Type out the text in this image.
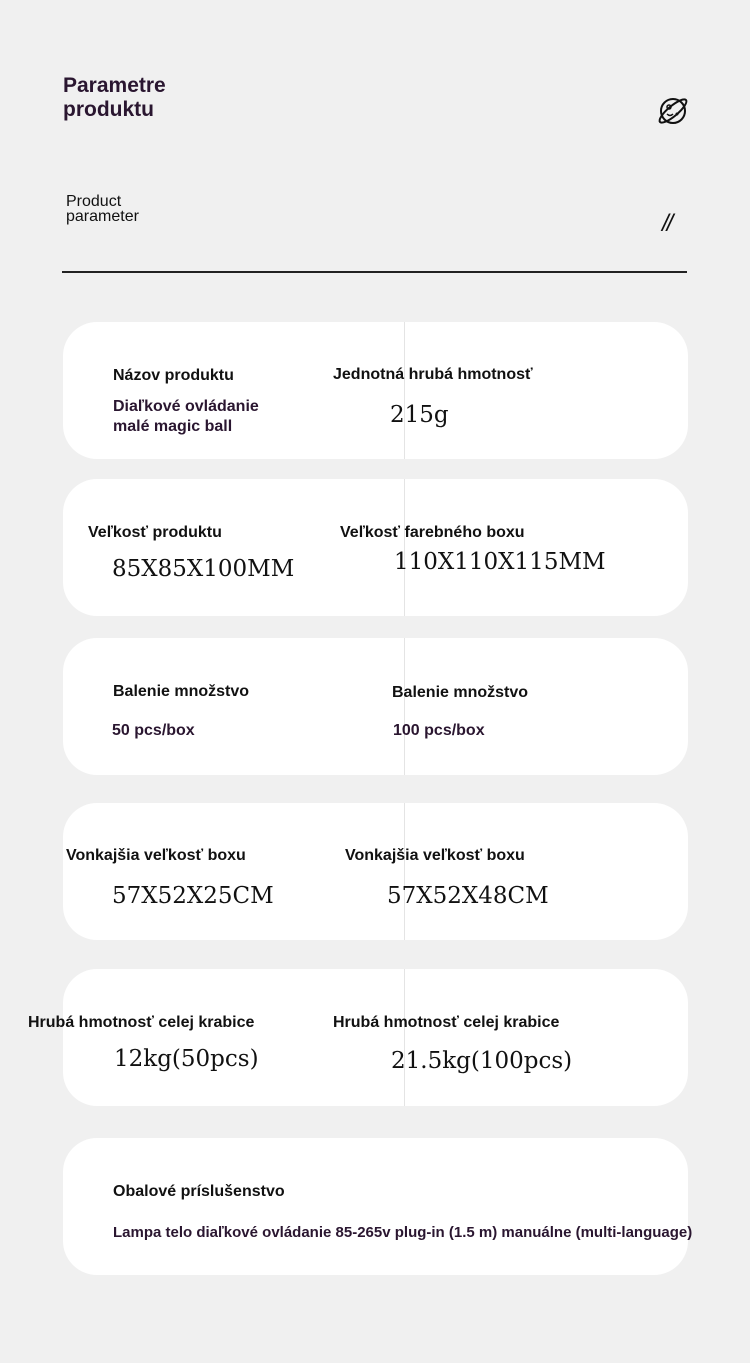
Parametre
produktu
Product
parameter	//
Názov produktu
Diaľkové ovládanie
malé magic ball
Jednotná hrubá hmotnosť
215g
Veľkosť produktu
85X85X100MM
Veľkosť farebného boxu
110X110X115MM
Balenie množstvo
50 pcs/box
Balenie množstvo
100 pcs/box
Vonkajšia veľkosť boxu
57X52X25CM
Vonkajšia veľkosť boxu
57X52X48CM
Hrubá hmotnosť celej krabice
12kg(50pcs)
Hrubá hmotnosť celej krabice
21.5kg(100pcs)
Obalové príslušenstvo
Lampa telo diaľkové ovládanie 85-265v plug-in (1.5 m) manuálne (multi-language)
